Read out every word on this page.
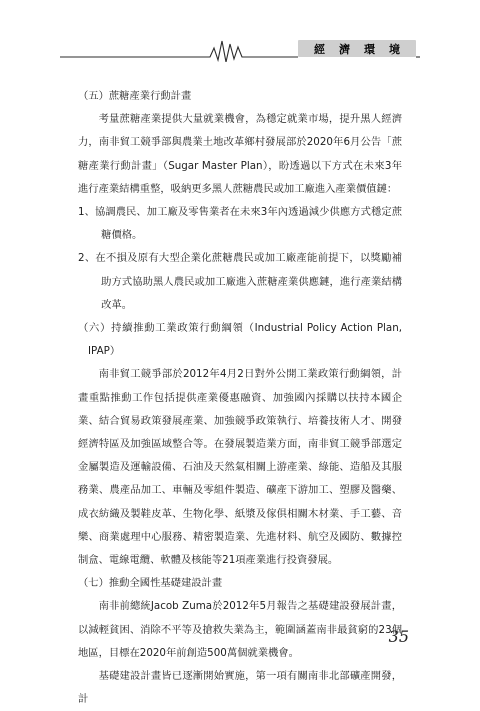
經 濟 環 境

（五）蔗糖產業行動計畫

考量蔗糖產業提供大量就業機會，為穩定就業市場，提升黑人經濟力，南非貿工競爭部與農業土地改革鄉村發展部於2020年6月公告「蔗糖產業行動計畫」（Sugar Master Plan），盼透過以下方式在未來3年進行產業結構重整，吸納更多黑人蔗糖農民或加工廠進入產業價值鏈：

1、協調農民、加工廠及零售業者在未來3年內透過減少供應方式穩定蔗糖價格。

2、在不損及原有大型企業化蔗糖農民或加工廠產能前提下，以獎勵補助方式協助黑人農民或加工廠進入蔗糖產業供應鏈，進行產業結構改革。

（六）持續推動工業政策行動綱領（Industrial Policy Action Plan, IPAP）

南非貿工競爭部於2012年4月2日對外公開工業政策行動綱領，計畫重點推動工作包括提供產業優惠融資、加強國內採購以扶持本國企業、結合貿易政策發展產業、加強競爭政策執行、培養技術人才、開發經濟特區及加強區域整合等。在發展製造業方面，南非貿工競爭部選定金屬製造及運輸設備、石油及天然氣相關上游產業、綠能、造船及其服務業、農產品加工、車輛及零組件製造、礦產下游加工、塑膠及醫藥、成衣紡織及製鞋皮革、生物化學、紙漿及傢俱相關木材業、手工藝、音樂、商業處理中心服務、精密製造業、先進材料、航空及國防、數據控制盒、電線電纜、軟體及核能等21項產業進行投資發展。

（七）推動全國性基礎建設計畫

南非前總統Jacob Zuma於2012年5月報告之基礎建設發展計畫，以減輕貧困、消除不平等及搶救失業為主，範圍涵蓋南非最貧窮的23個地區，目標在2020年前創造500萬個就業機會。

基礎建設計畫皆已逐漸開始實施，第一項有關南非北部礦產開發，計

35
